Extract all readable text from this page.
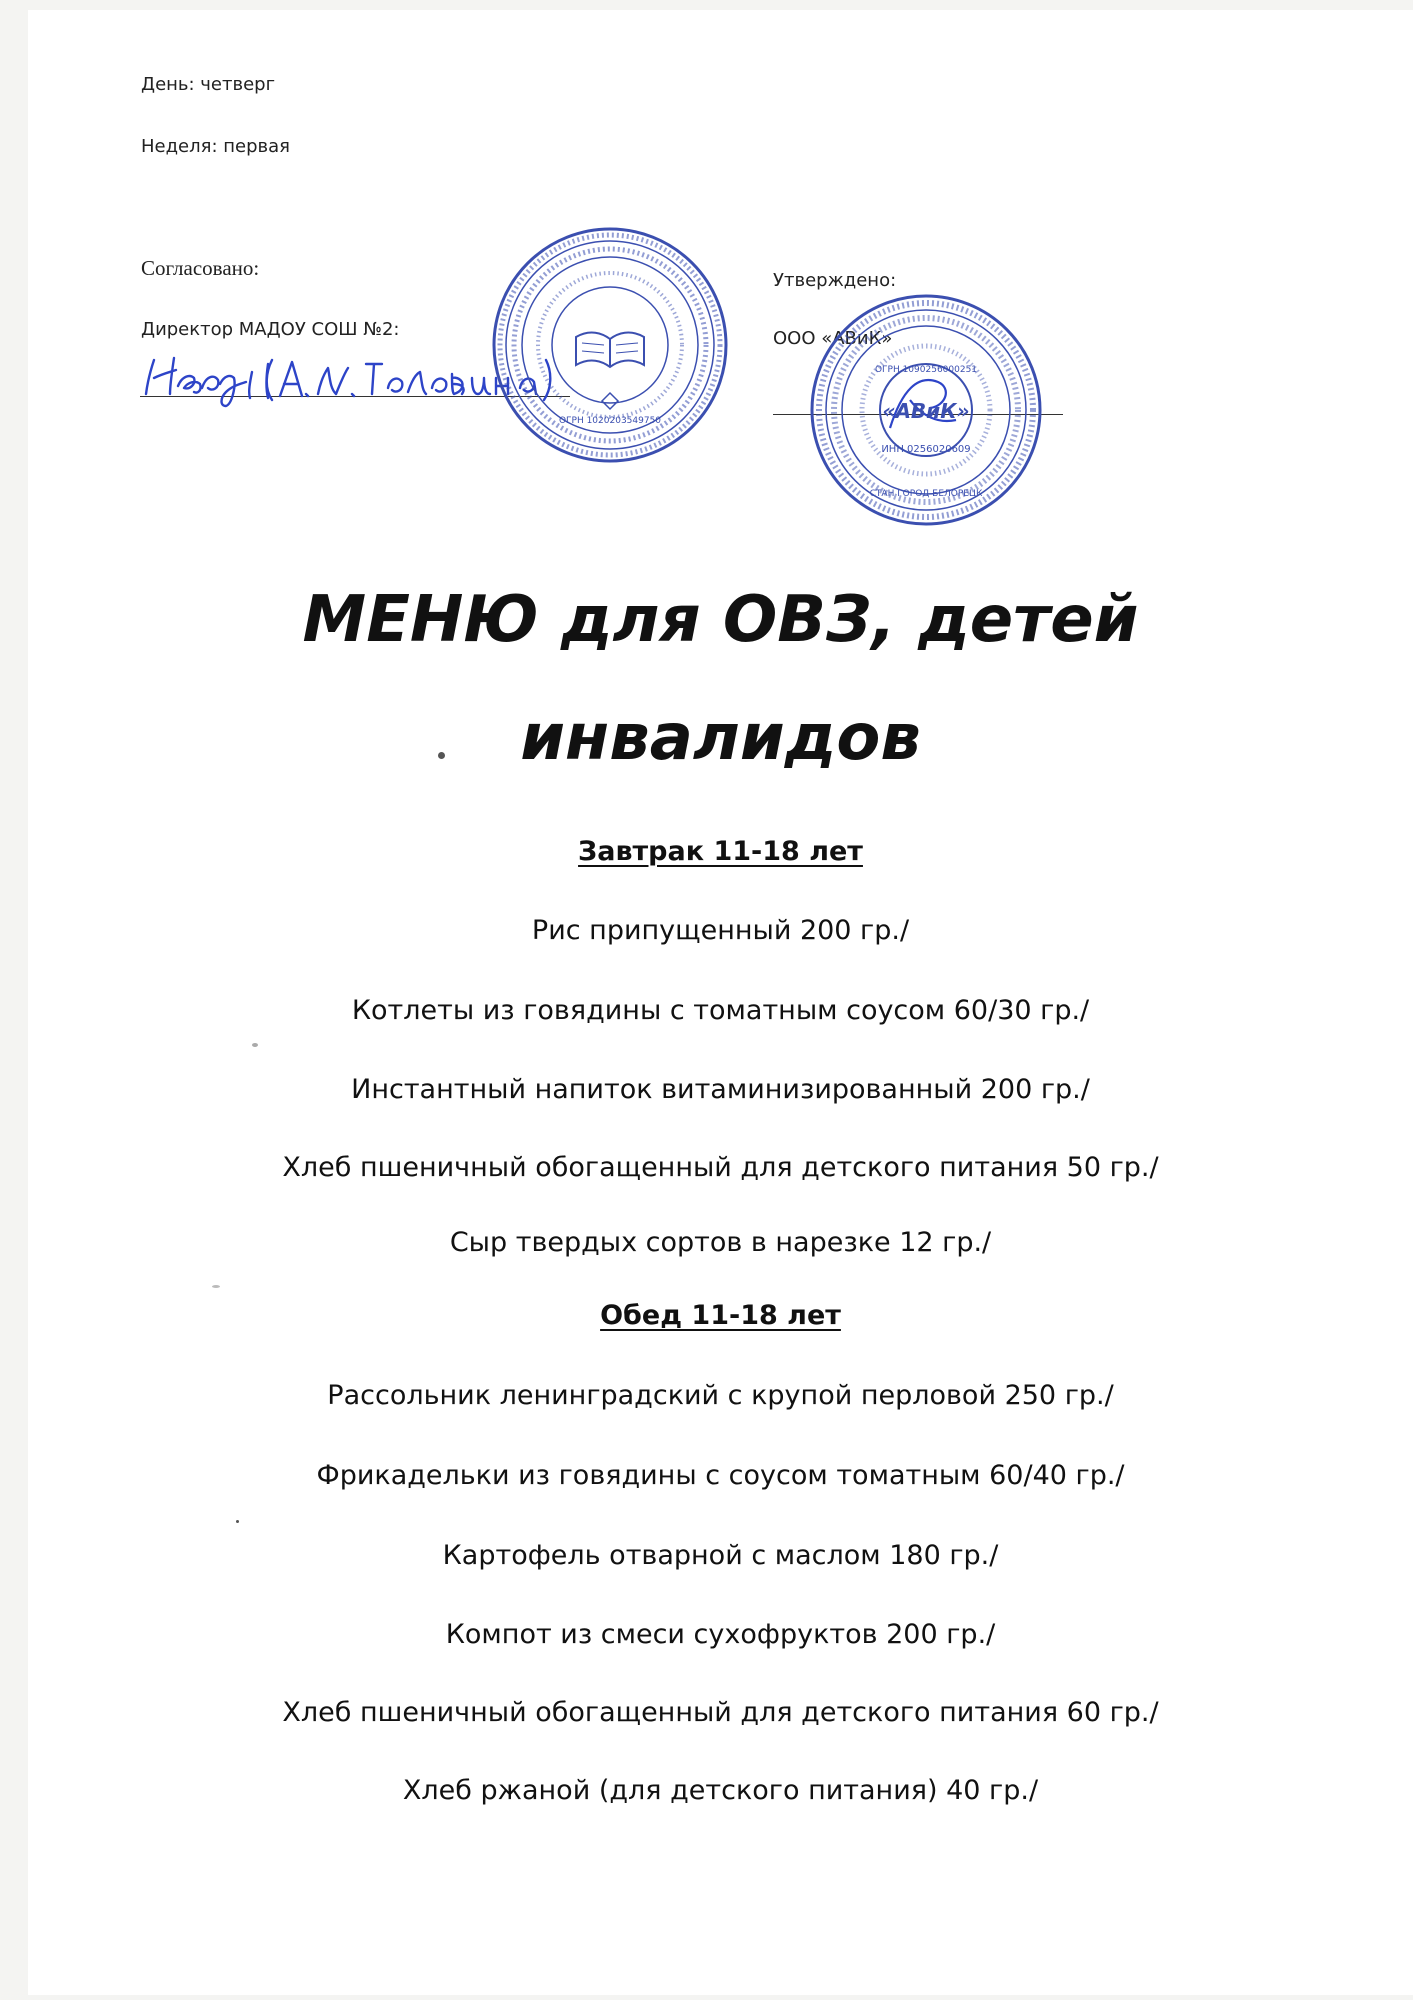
День: четверг
Неделя: первая
Согласовано:
Директор МАДОУ СОШ №2:
ОГРН 1020203549750
Утверждено:
ООО «АВиК»
«АВиК»
ОГРН 1090256000251
ИНН 0256020609
СТАН ГОРОД БЕЛОРЕЦК
МЕНЮ для ОВЗ, детей
инвалидов
Завтрак 11-18 лет
Рис припущенный 200 гр./
Котлеты из говядины с томатным соусом 60/30 гр./
Инстантный напиток витаминизированный 200 гр./
Хлеб пшеничный обогащенный для детского питания 50 гр./
Сыр твердых сортов в нарезке 12 гр./
Обед 11-18 лет
Рассольник ленинградский с крупой перловой 250 гр./
Фрикадельки из говядины с соусом томатным 60/40 гр./
Картофель отварной с маслом 180 гр./
Компот из смеси сухофруктов 200 гр./
Хлеб пшеничный обогащенный для детского питания 60 гр./
Хлеб ржаной (для детского питания) 40 гр./
